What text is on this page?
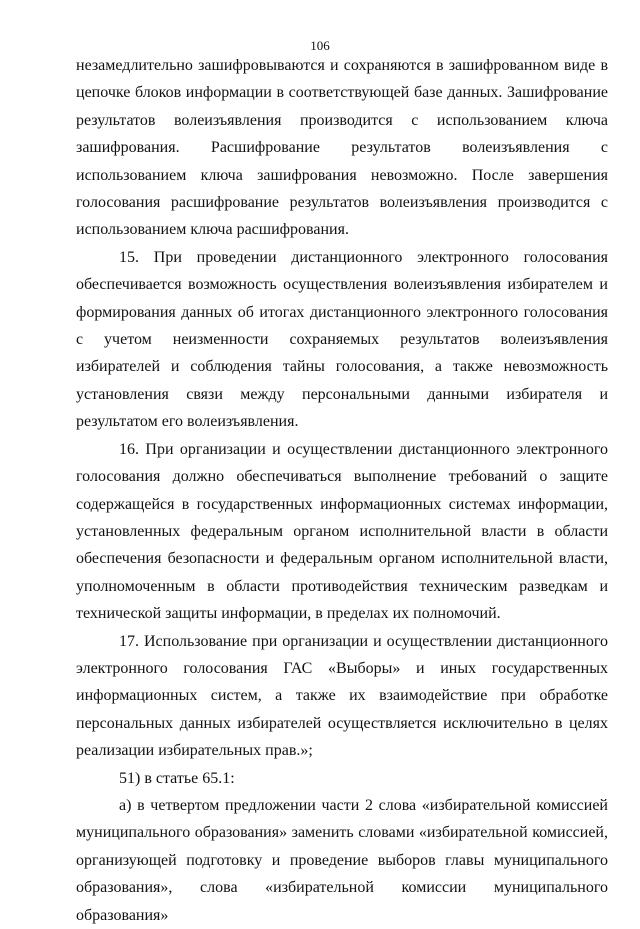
106

незамедлительно зашифровываются и сохраняются в зашифрованном виде в цепочке блоков информации в соответствующей базе данных. Зашифрование результатов волеизъявления производится с использованием ключа зашифрования. Расшифрование результатов волеизъявления с использованием ключа зашифрования невозможно. После завершения голосования расшифрование результатов волеизъявления производится с использованием ключа расшифрования.

15. При проведении дистанционного электронного голосования обеспечивается возможность осуществления волеизъявления избирателем и формирования данных об итогах дистанционного электронного голосования с учетом неизменности сохраняемых результатов волеизъявления избирателей и соблюдения тайны голосования, а также невозможность установления связи между персональными данными избирателя и результатом его волеизъявления.

16. При организации и осуществлении дистанционного электронного голосования должно обеспечиваться выполнение требований о защите содержащейся в государственных информационных системах информации, установленных федеральным органом исполнительной власти в области обеспечения безопасности и федеральным органом исполнительной власти, уполномоченным в области противодействия техническим разведкам и технической защиты информации, в пределах их полномочий.

17. Использование при организации и осуществлении дистанционного электронного голосования ГАС «Выборы» и иных государственных информационных систем, а также их взаимодействие при обработке персональных данных избирателей осуществляется исключительно в целях реализации избирательных прав.»;

51) в статье 65.1:

а) в четвертом предложении части 2 слова «избирательной комиссией муниципального образования» заменить словами «избирательной комиссией, организующей подготовку и проведение выборов главы муниципального образования», слова «избирательной комиссии муниципального образования»
